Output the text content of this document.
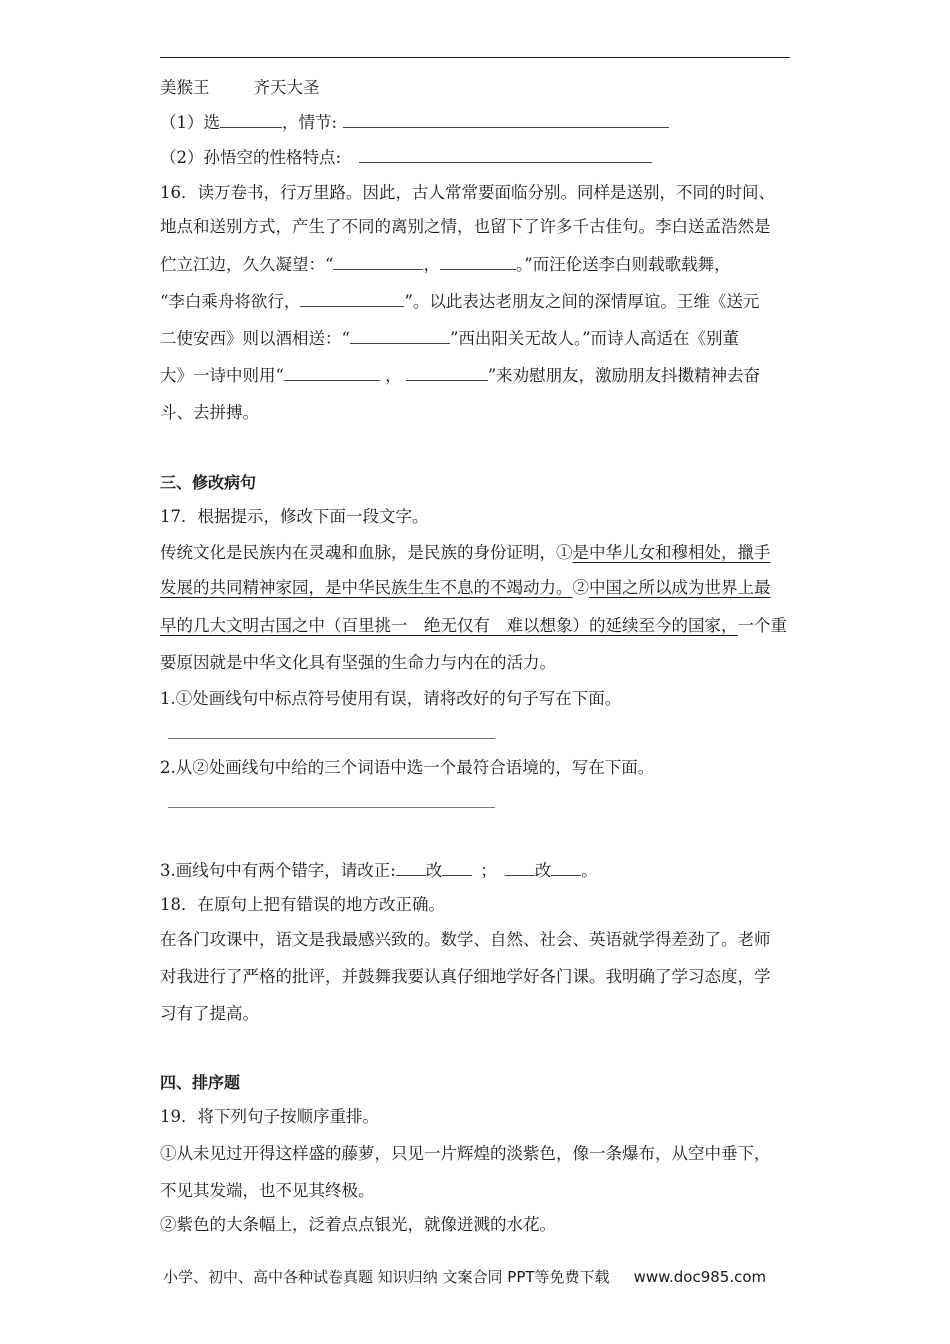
美猴王	齐天大圣
（1）选	，情节:
（2）孙悟空的性格特点:
16．读万卷书，行万里路。因此，古人常常要面临分别。同样是送别，不同的时间、
地点和送别方式，产生了不同的离别之情，也留下了许多千古佳句。李白送孟浩然是
伫立江边，久久凝望：“	，	。”而汪伦送李白则载歌载舞，
“李白乘舟将欲行，	”。以此表达老朋友之间的深情厚谊。王维《送元
二使安西》则以酒相送：“	”西出阳关无故人。”而诗人高适在《别董
大》一诗中则用“	，	”来劝慰朋友，激励朋友抖擞精神去奋
斗、去拼搏。
三、修改病句
17．根据提示，修改下面一段文字。
传统文化是民族内在灵魂和血脉，是民族的身份证明，①是中华儿女和穆相处，擸手
发展的共同精神家园，是中华民族生生不息的不竭动力。②中国之所以成为世界上最
早的几大文明古国之中（百里挑一　绝无仅有　难以想象）的延续至今的国家，一个重
要原因就是中华文化具有坚强的生命力与内在的活力。
1.①处画线句中标点符号使用有误，请将改好的句子写在下面。
2.从②处画线句中给的三个词语中选一个最符合语境的，写在下面。
3.画线句中有两个错字，请改正: 改 ； 改 。
18．在原句上把有错误的地方改正确。
在各门攻课中，语文是我最感兴致的。数学、自然、社会、英语就学得差劲了。老师
对我进行了严格的批评，并鼓舞我要认真仔细地学好各门课。我明确了学习态度，学
习有了提高。
四、排序题
19．将下列句子按顺序重排。
①从未见过开得这样盛的藤萝，只见一片辉煌的淡紫色，像一条爆布，从空中垂下，
不见其发端，也不见其终极。
②紫色的大条幅上，泛着点点银光，就像迸溅的水花。
小学、初中、高中各种试卷真题 知识归纳 文案合同 PPT等免费下载 www.doc985.com
